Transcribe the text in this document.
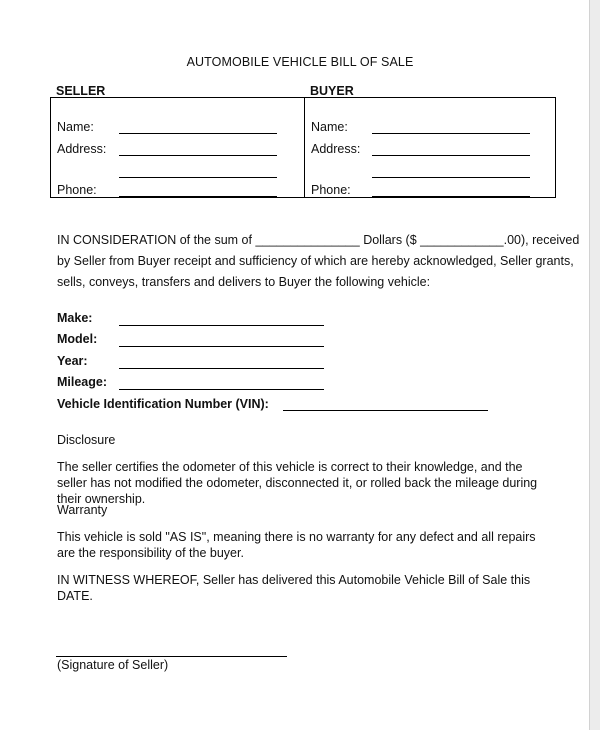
AUTOMOBILE VEHICLE BILL OF SALE
SELLER	BUYER
Name:
Address:
Phone:
Name:
Address:
Phone:
IN CONSIDERATION of the sum of _______________ Dollars ($ ____________.00), received
by Seller from Buyer receipt and sufficiency of which are hereby acknowledged, Seller grants,
sells, conveys, transfers and delivers to Buyer the following vehicle:
Make:
Model:
Year:
Mileage:
Vehicle Identification Number (VIN):
Disclosure
The seller certifies the odometer of this vehicle is correct to their knowledge, and the seller has not modified the odometer, disconnected it, or rolled back the mileage during their ownership.
Warranty
This vehicle is sold "AS IS", meaning there is no warranty for any defect and all repairs are the responsibility of the buyer.
IN WITNESS WHEREOF, Seller has delivered this Automobile Vehicle Bill of Sale this DATE.
(Signature of Seller)
